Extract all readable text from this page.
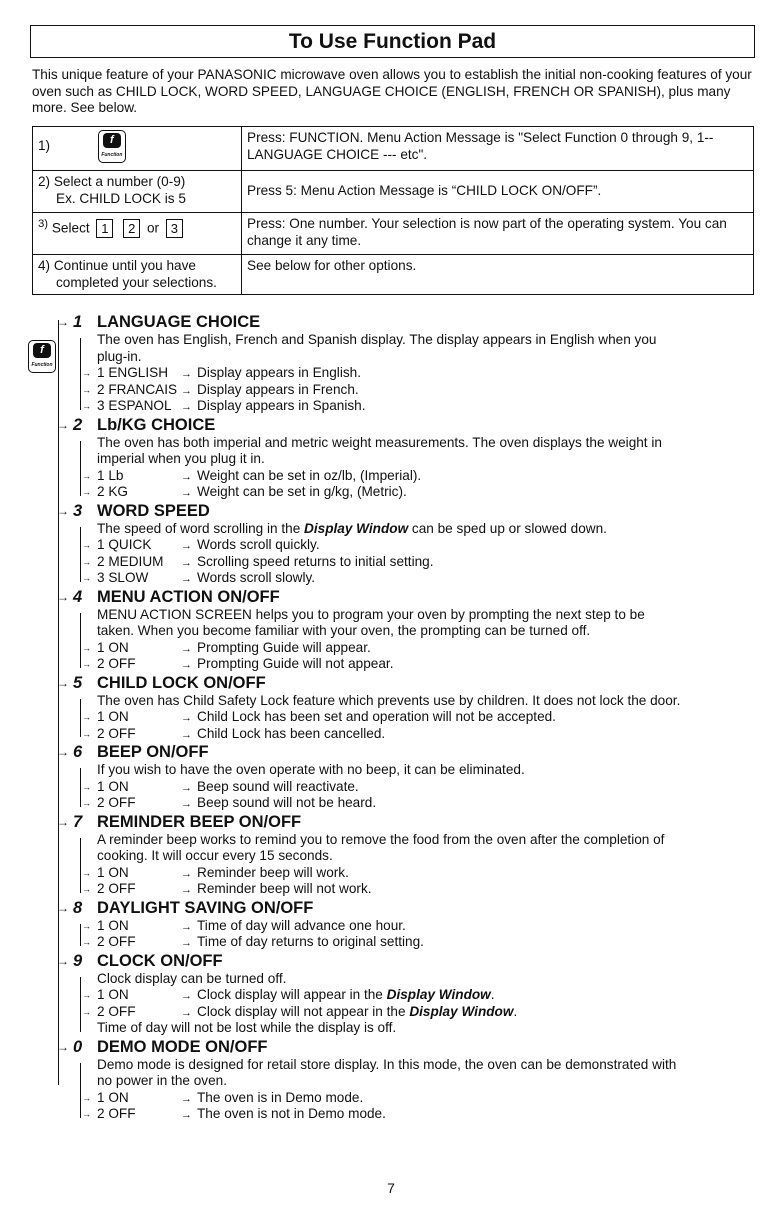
To Use Function Pad
This unique feature of your PANASONIC microwave oven allows you to establish the initial non-cooking features of your oven such as CHILD LOCK, WORD SPEED, LANGUAGE CHOICE (ENGLISH, FRENCH OR SPANISH), plus many more. See below.
1) f
Function	Press: FUNCTION. Menu Action Message is "Select Function 0 through 9, 1--LANGUAGE CHOICE --- etc".

2) Select a number (0-9)
Ex. CHILD LOCK is 5	Press 5: Menu Action Message is “CHILD LOCK ON/OFF”.
$^{3)}$ Select 1 2 or 3	Press: One number. Your selection is now part of the operating system. You can change it any time.

4) Continue until you have
completed your selections.	See below for other options.
f
Function
→ 1 LANGUAGE CHOICE
The oven has English, French and Spanish display. The display appears in English when you
plug-in.
→ 1 ENGLISH → Display appears in English.
→ 2 FRANCAIS → Display appears in French.
→ 3 ESPANOL → Display appears in Spanish.
→ 2 Lb/KG CHOICE
The oven has both imperial and metric weight measurements. The oven displays the weight in
imperial when you plug it in.
→ 1 Lb	→ Weight can be set in oz/lb, (Imperial).
→ 2 KG	→ Weight can be set in g/kg, (Metric).
→ 3 WORD SPEED
The speed of word scrolling in the Display Window can be sped up or slowed down.
→ 1 QUICK	→ Words scroll quickly.
→ 2 MEDIUM → Scrolling speed returns to initial setting.
→ 3 SLOW	→ Words scroll slowly.
→ 4 MENU ACTION ON/OFF
MENU ACTION SCREEN helps you to program your oven by prompting the next step to be
taken. When you become familiar with your oven, the prompting can be turned off.
→ 1 ON	→ Prompting Guide will appear.
→ 2 OFF	→ Prompting Guide will not appear.
→ 5 CHILD LOCK ON/OFF
The oven has Child Safety Lock feature which prevents use by children. It does not lock the door.
→ 1 ON	→ Child Lock has been set and operation will not be accepted.
→ 2 OFF	→ Child Lock has been cancelled.
→ 6 BEEP ON/OFF
If you wish to have the oven operate with no beep, it can be eliminated.
→ 1 ON	→ Beep sound will reactivate.
→ 2 OFF	→ Beep sound will not be heard.
→ 7 REMINDER BEEP ON/OFF
A reminder beep works to remind you to remove the food from the oven after the completion of
cooking. It will occur every 15 seconds.
→ 1 ON	→ Reminder beep will work.
→ 2 OFF	→ Reminder beep will not work.
→ 8 DAYLIGHT SAVING ON/OFF
→ 1 ON	→ Time of day will advance one hour.
→ 2 OFF	→ Time of day returns to original setting.
→ 9 CLOCK ON/OFF
Clock display can be turned off.
→ 1 ON	→ Clock display will appear in the Display Window.
→ 2 OFF	→ Clock display will not appear in the Display Window.
Time of day will not be lost while the display is off.
→ 0 DEMO MODE ON/OFF
Demo mode is designed for retail store display. In this mode, the oven can be demonstrated with
no power in the oven.
→ 1 ON	→ The oven is in Demo mode.
→ 2 OFF	→ The oven is not in Demo mode.
7
